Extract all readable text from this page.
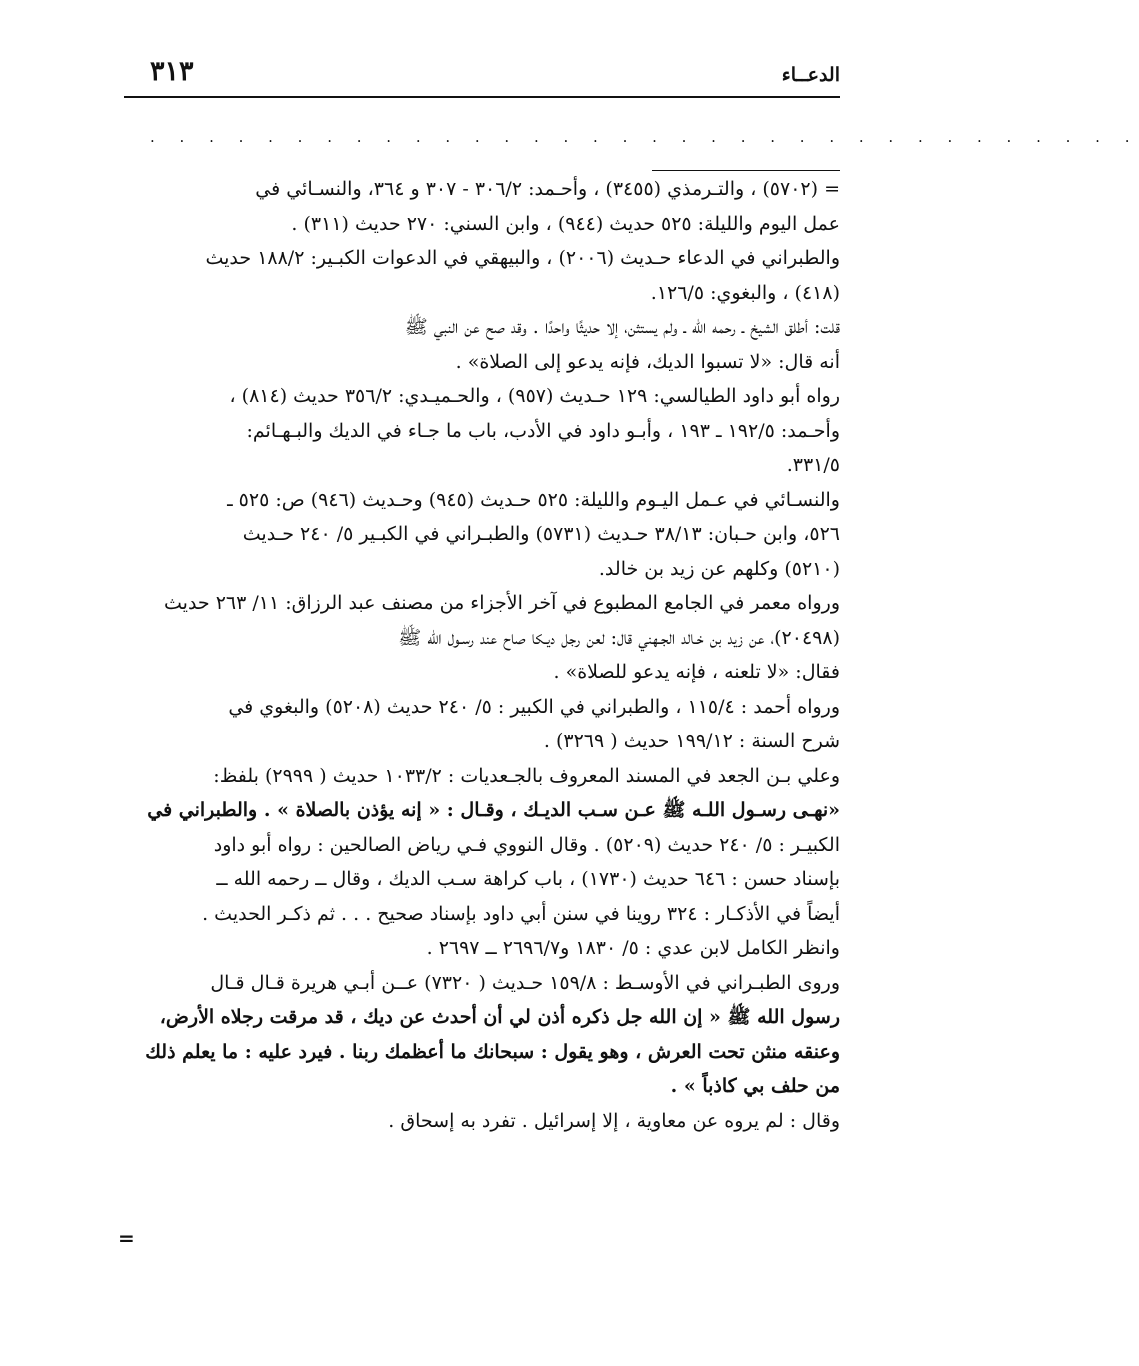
٣١٣	الدعــاء
. . . . . . . . . . . . . . . . . . . . . . . . . . . . . . . . . .

= (٥٧٠٢) ، والتـرمذي (٣٤٥٥) ، وأحـمد: ٣٠٦/٢ - ٣٠٧ و ٣٦٤، والنسـائي في

عمل اليوم والليلة: ٥٢٥ حديث (٩٤٤) ، وابن السني: ٢٧٠ حديث (٣١١) .

والطبراني في الدعاء حـديث (٢٠٠٦) ، والبيهقي في الدعوات الكبـير: ١٨٨/٢ حديث

(٤١٨) ، والبغوي: ١٢٦/٥.

قلت: أطلق الشيخ ـ رحمه الله ـ ولم يستثن، إلا حديثًا واحدًا . وقد صح عن النبي ﷺ

أنه قال: «لا تسبوا الديك، فإنه يدعو إلى الصلاة» .

رواه أبو داود الطيالسي: ١٢٩ حـديث (٩٥٧) ، والحـميـدي: ٣٥٦/٢ حديث (٨١٤) ،

وأحـمد: ١٩٢/٥ ـ ١٩٣ ، وأبـو داود في الأدب، باب ما جـاء في الديك والبـهـائم:

٣٣١/٥.

والنسـائي في عـمل اليـوم والليلة: ٥٢٥ حـديث (٩٤٥) وحـديث (٩٤٦) ص: ٥٢٥ ـ

٥٢٦، وابن حـبان: ٣٨/١٣ حـديث (٥٧٣١) والطبـراني في الكبـير ٥/ ٢٤٠ حـديث

(٥٢١٠) وكلهم عن زيد بن خالد.

ورواه معمر في الجامع المطبوع في آخر الأجزاء من مصنف عبد الرزاق: ١١/ ٢٦٣ حديث

(٢٠٤٩٨)، عن زيد بن خـالد الجـهني قال: لعن رجل ديـكا صاح عند رسـول الله ﷺ

فقال: «لا تلعنه ، فإنه يدعو للصلاة» .

ورواه أحمد : ١١٥/٤ ، والطبراني في الكبير : ٥/ ٢٤٠ حديث (٥٢٠٨) والبغوي في

شرح السنة : ١٩٩/١٢ حديث ( ٣٢٦٩) .

وعلي بـن الجعد في المسند المعروف بالجـعديات : ١٠٣٣/٢ حديث ( ٢٩٩٩) بلفظ:

«نهـى رسـول اللـه ﷺ عـن سـب الديـك ، وقـال : « إنه يؤذن بالصلاة » . والطبراني في

الكبيـر : ٥/ ٢٤٠ حديث (٥٢٠٩) . وقال النووي فـي رياض الصالحين : رواه أبو داود

بإسناد حسن : ٦٤٦ حديث (١٧٣٠) ، باب كراهة سـب الديك ، وقال ــ رحمه الله ــ

أيضاً في الأذكـار : ٣٢٤ روينا في سنن أبي داود بإسناد صحيح . . . ثم ذكـر الحديث .

وانظر الكامل لابن عدي : ٥/ ١٨٣٠ و٢٦٩٦/٧ ــ ٢٦٩٧ .

وروى الطبـراني في الأوسـط : ١٥٩/٨ حـديث ( ٧٣٢٠) عــن أبـي هريرة قـال قـال

رسول الله ﷺ « إن الله جل ذكره أذن لي أن أحدث عن ديك ، قد مرقت رجلاه الأرض،

وعنقه منثن تحت العرش ، وهو يقول : سبحانك ما أعظمك ربنا . فيرد عليه : ما يعلم ذلك

من حلف بي كاذباً » .

وقال : لم يروه عن معاوية ، إلا إسرائيل . تفرد به إسحاق .

=
